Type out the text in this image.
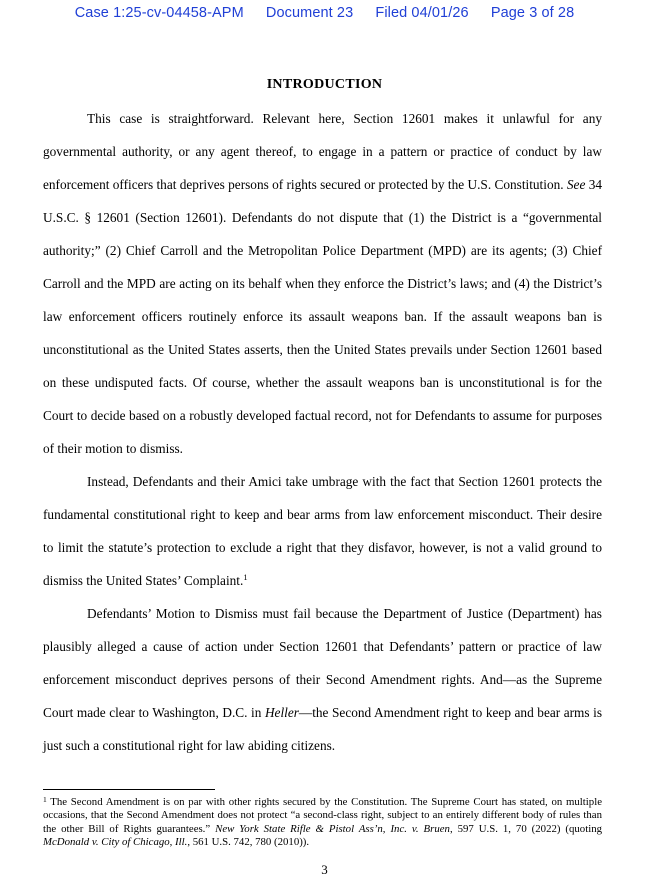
Case 1:25-cv-04458-APM Document 23 Filed 04/01/26 Page 3 of 28
INTRODUCTION

This case is straightforward. Relevant here, Section 12601 makes it unlawful for any governmental authority, or any agent thereof, to engage in a pattern or practice of conduct by law enforcement officers that deprives persons of rights secured or protected by the U.S. Constitution. See 34 U.S.C. § 12601 (Section 12601). Defendants do not dispute that (1) the District is a “governmental authority;” (2) Chief Carroll and the Metropolitan Police Department (MPD) are its agents; (3) Chief Carroll and the MPD are acting on its behalf when they enforce the District’s laws; and (4) the District’s law enforcement officers routinely enforce its assault weapons ban. If the assault weapons ban is unconstitutional as the United States asserts, then the United States prevails under Section 12601 based on these undisputed facts. Of course, whether the assault weapons ban is unconstitutional is for the Court to decide based on a robustly developed factual record, not for Defendants to assume for purposes of their motion to dismiss.

Instead, Defendants and their Amici take umbrage with the fact that Section 12601 protects the fundamental constitutional right to keep and bear arms from law enforcement misconduct. Their desire to limit the statute’s protection to exclude a right that they disfavor, however, is not a valid ground to dismiss the United States’ Complaint.$^1$

Defendants’ Motion to Dismiss must fail because the Department of Justice (Department) has plausibly alleged a cause of action under Section 12601 that Defendants’ pattern or practice of law enforcement misconduct deprives persons of their Second Amendment rights. And—as the Supreme Court made clear to Washington, D.C. in Heller—the Second Amendment right to keep and bear arms is just such a constitutional right for law abiding citizens.

$^1$ The Second Amendment is on par with other rights secured by the Constitution. The Supreme Court has stated, on multiple occasions, that the Second Amendment does not protect “a second-class right, subject to an entirely different body of rules than the other Bill of Rights guarantees.” New York State Rifle & Pistol Ass’n, Inc. v. Bruen, 597 U.S. 1, 70 (2022) (quoting McDonald v. City of Chicago, Ill., 561 U.S. 742, 780 (2010)).
3
